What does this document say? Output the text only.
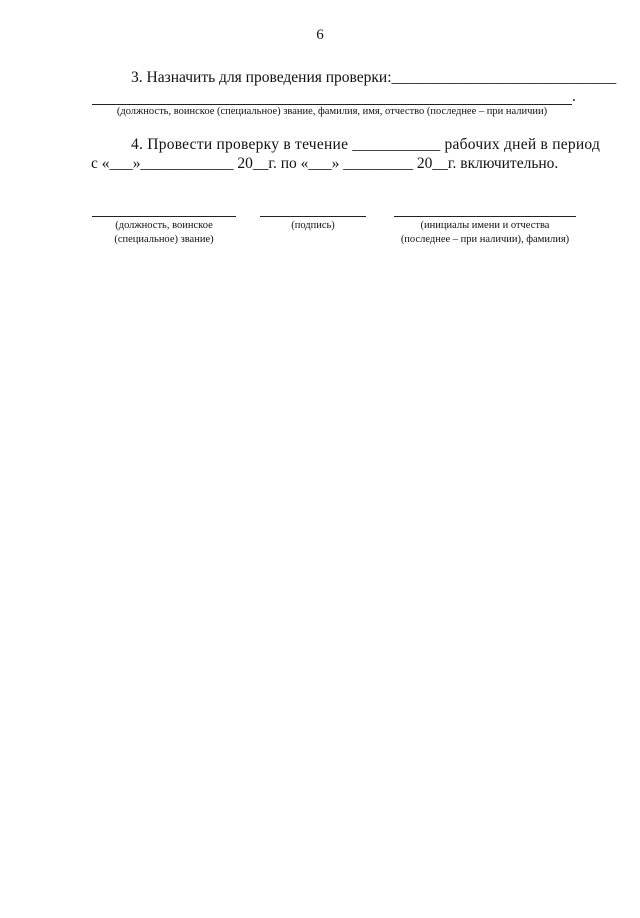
6
3. Назначить для проведения проверки:_____________________________
.
(должность, воинское (специальное) звание, фамилия, имя, отчество (последнее – при наличии)
4. Провести проверку в течение ___________ рабочих дней в период
с «___»____________ 20__г. по «___» _________ 20__г. включительно.
(должность, воинское
(специальное) звание)
(подпись)	(инициалы имени и отчества
(последнее – при наличии), фамилия)
